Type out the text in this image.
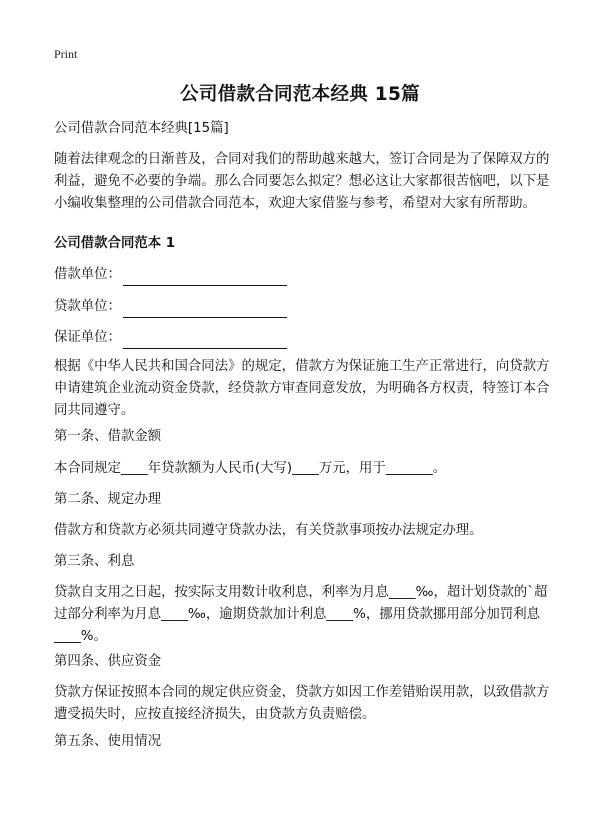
Print
公司借款合同范本经典 15篇
公司借款合同范本经典[15篇]
随着法律观念的日渐普及，合同对我们的帮助越来越大，签订合同是为了保障双方的利益，避免不必要的争端。那么合同要怎么拟定？想必这让大家都很苦恼吧，以下是小编收集整理的公司借款合同范本，欢迎大家借鉴与参考，希望对大家有所帮助。
公司借款合同范本 1
借款单位：
贷款单位：
保证单位：
根据《中华人民共和国合同法》的规定，借款方为保证施工生产正常进行，向贷款方申请建筑企业流动资金贷款，经贷款方审查同意发放，为明确各方权责，特签订本合同共同遵守。
第一条、借款金额
本合同规定____年贷款额为人民币(大写)____万元，用于_______。
第二条、规定办理
借款方和贷款方必须共同遵守贷款办法，有关贷款事项按办法规定办理。
第三条、利息
贷款自支用之日起，按实际支用数计收利息，利率为月息____‰，超计划贷款的`超过部分利率为月息____‰，逾期贷款加计利息____%，挪用贷款挪用部分加罚利息____%。
第四条、供应资金
贷款方保证按照本合同的规定供应资金，贷款方如因工作差错贻误用款，以致借款方遭受损失时，应按直接经济损失，由贷款方负责赔偿。
第五条、使用情况
